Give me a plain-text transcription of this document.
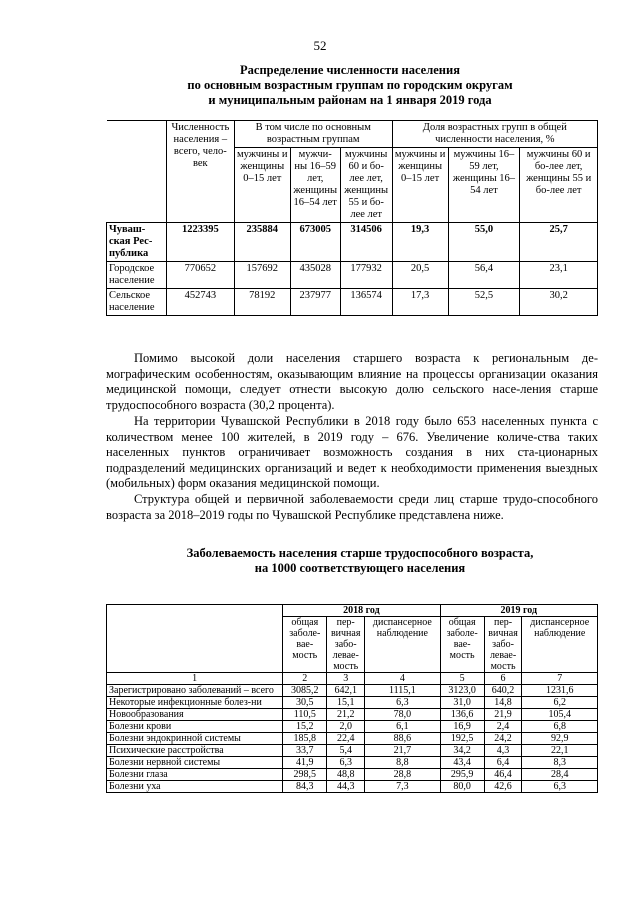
52
Распределение численности населения
по основным возрастным группам по городским округам
и муниципальным районам на 1 января 2019 года
	Численность населения – всего, чело-век	В том числе по основным возрастным группам			Доля возрастных групп в общей численности населения, %		
		мужчины и женщины 0–15 лет	мужчи-ны 16–59 лет, женщины 16–54 лет	мужчины 60 и бо-лее лет, женщины 55 и бо-лее лет	мужчины и женщины 0–15 лет	мужчины 16–59 лет, женщины 16–54 лет	мужчины 60 и бо-лее лет, женщины 55 и бо-лее лет
Чуваш-ская Рес-публика	1223395	235884	673005	314506	19,3	55,0	25,7
Городское население	770652	157692	435028	177932	20,5	56,4	23,1
Сельское население	452743	78192	237977	136574	17,3	52,5	30,2
Помимо высокой доли населения старшего возраста к региональным де-мографическим особенностям, оказывающим влияние на процессы организации оказания медицинской помощи, следует отнести высокую долю сельского насе-ления старше трудоспособного возраста (30,2 процента).
На территории Чувашской Республики в 2018 году было 653 населенных пункта с количеством менее 100 жителей, в 2019 году – 676. Увеличение количе-ства таких населенных пунктов ограничивает возможность создания в них ста-ционарных подразделений медицинских организаций и ведет к необходимости применения выездных (мобильных) форм оказания медицинской помощи.
Структура общей и первичной заболеваемости среди лиц старше трудо-способного возраста за 2018–2019 годы по Чувашской Республике представлена ниже.
Заболеваемость населения старше трудоспособного возраста,
на 1000 соответствующего населения
	2018 год			2019 год		
	общая заболе-вае-мость	пер-вичная забо-левае-мость	диспансерное наблюдение	общая заболе-вае-мость	пер-вичная забо-левае-мость	диспансерное наблюдение
1	2	3	4	5	6	7
Зарегистрировано заболеваний – всего	3085,2	642,1	1115,1	3123,0	640,2	1231,6
Некоторые инфекционные болез-ни	30,5	15,1	6,3	31,0	14,8	6,2
Новообразования	110,5	21,2	78,0	136,6	21,9	105,4
Болезни крови	15,2	2,0	6,1	16,9	2,4	6,8
Болезни эндокринной системы	185,8	22,4	88,6	192,5	24,2	92,9
Психические расстройства	33,7	5,4	21,7	34,2	4,3	22,1
Болезни нервной системы	41,9	6,3	8,8	43,4	6,4	8,3
Болезни глаза	298,5	48,8	28,8	295,9	46,4	28,4
Болезни уха	84,3	44,3	7,3	80,0	42,6	6,3
